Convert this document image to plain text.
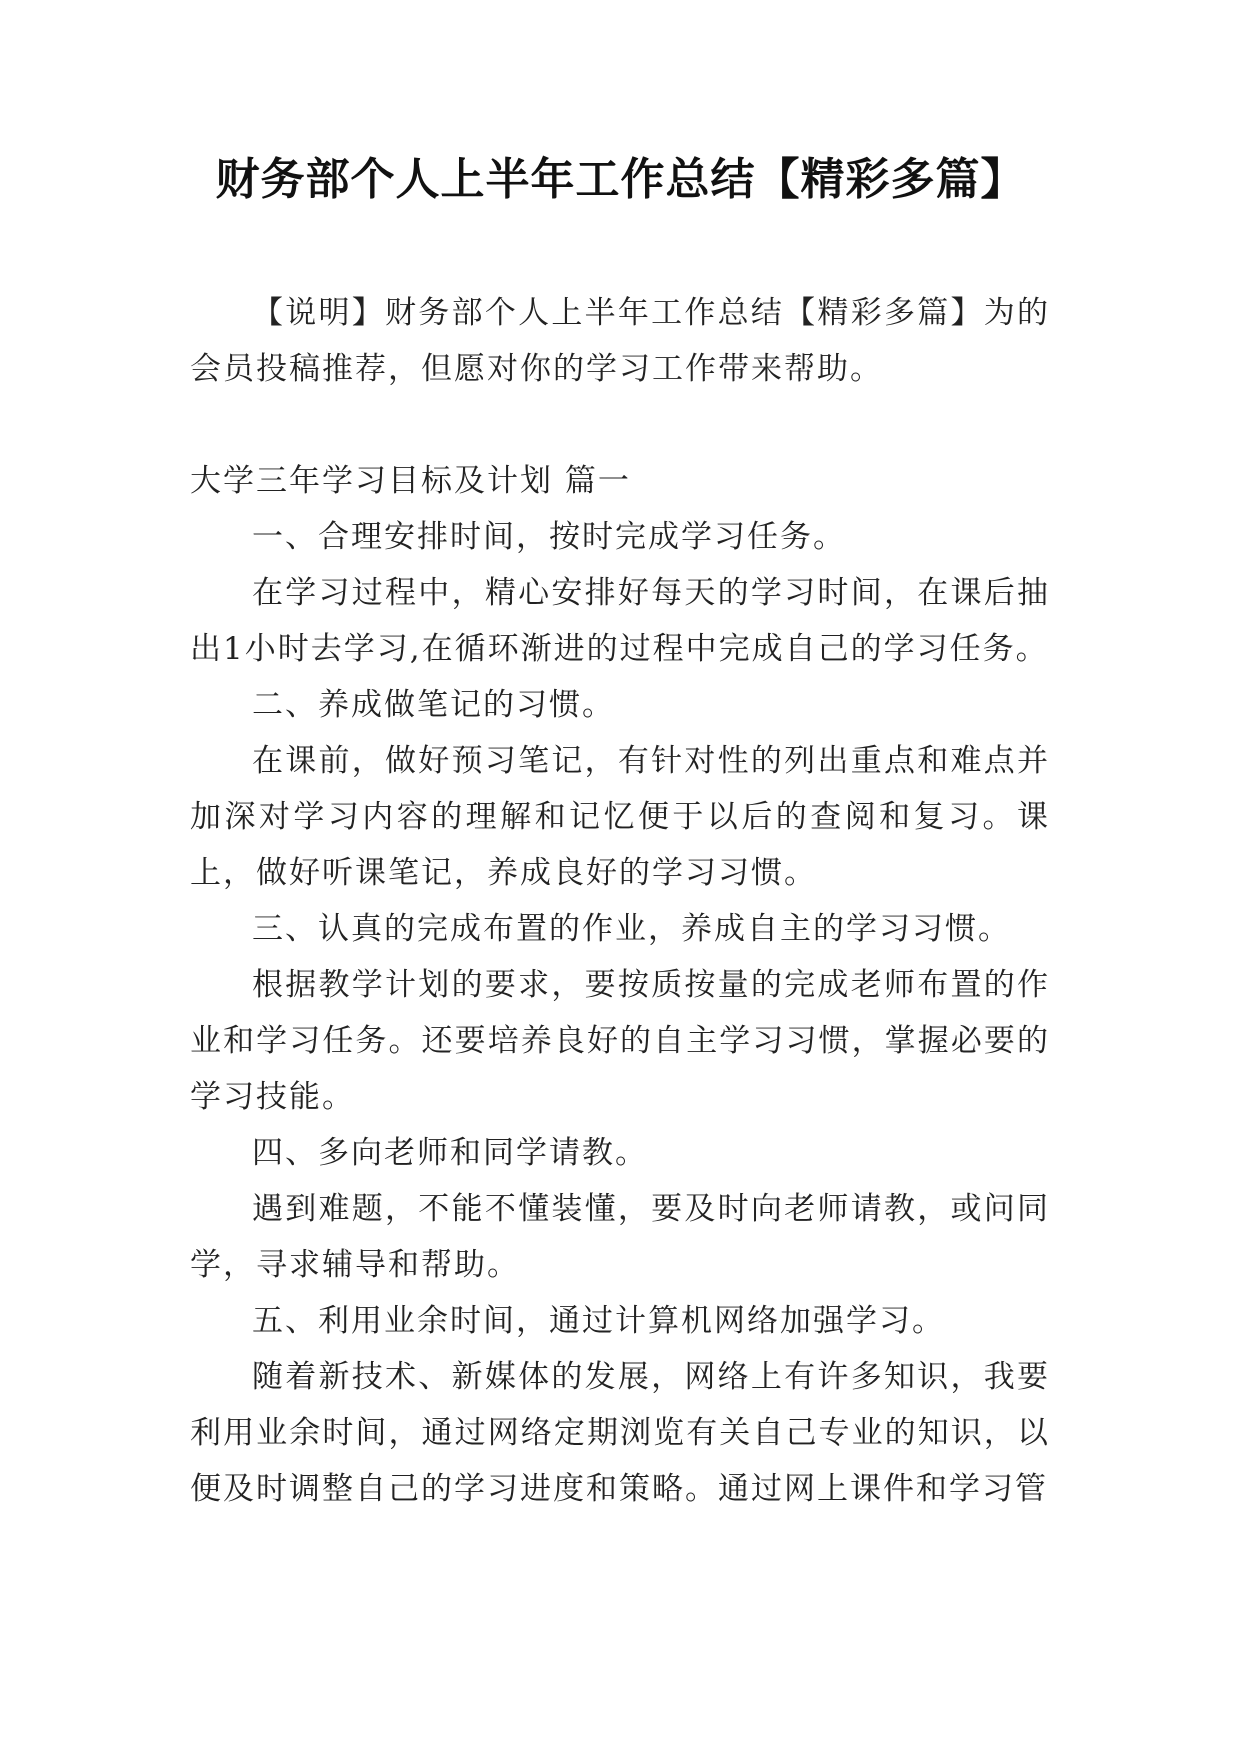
财务部个人上半年工作总结【精彩多篇】

【说明】财务部个人上半年工作总结【精彩多篇】为的会员投稿推荐，但愿对你的学习工作带来帮助。

大学三年学习目标及计划 篇一

一、合理安排时间，按时完成学习任务。

在学习过程中，精心安排好每天的学习时间，在课后抽出1小时去学习,在循环渐进的过程中完成自己的学习任务。

二、养成做笔记的习惯。

在课前，做好预习笔记，有针对性的列出重点和难点并加深对学习内容的理解和记忆便于以后的查阅和复习。课上，做好听课笔记，养成良好的学习习惯。

三、认真的完成布置的作业，养成自主的学习习惯。

根据教学计划的要求，要按质按量的完成老师布置的作业和学习任务。还要培养良好的自主学习习惯，掌握必要的学习技能。

四、多向老师和同学请教。

遇到难题，不能不懂装懂，要及时向老师请教，或问同学，寻求辅导和帮助。

五、利用业余时间，通过计算机网络加强学习。

随着新技术、新媒体的发展，网络上有许多知识，我要利用业余时间，通过网络定期浏览有关自己专业的知识，以便及时调整自己的学习进度和策略。通过网上课件和学习管
